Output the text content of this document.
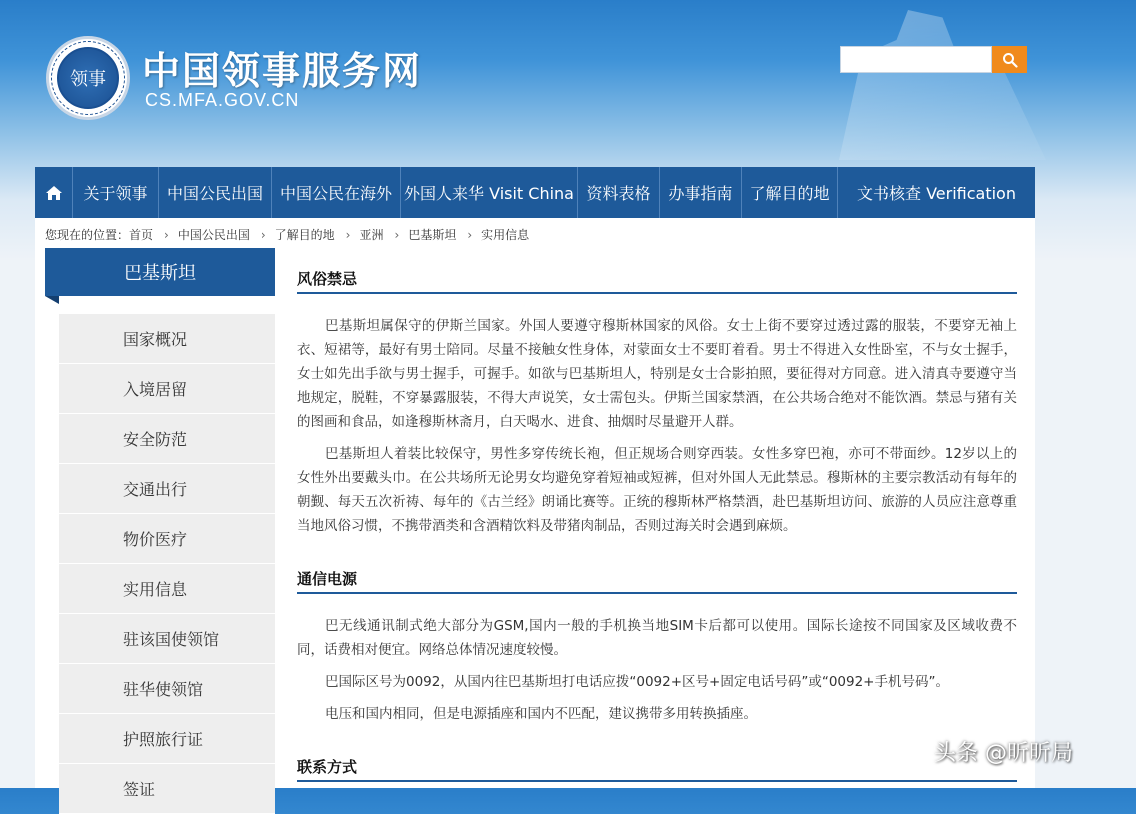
领事 中国领事服务网
CS.MFA.GOV.CN
关于领事	中国公民出国	中国公民在海外 外国人来华 Visit China 资料表格	办事指南	了解目的地	文书核查 Verification
您现在的位置：首页 › 中国公民出国 › 了解目的地 › 亚洲 › 巴基斯坦 › 实用信息
巴基斯坦
国家概况
入境居留
安全防范
交通出行
物价医疗
实用信息
驻该国使领馆
驻华使领馆
护照旅行证
签证
风俗禁忌

巴基斯坦属保守的伊斯兰国家。外国人要遵守穆斯林国家的风俗。女士上街不要穿过透过露的服装，不要穿无袖上衣、短裙等，最好有男士陪同。尽量不接触女性身体，对蒙面女士不要盯着看。男士不得进入女性卧室，不与女士握手，女士如先出手欲与男士握手，可握手。如欲与巴基斯坦人，特别是女士合影拍照，要征得对方同意。进入清真寺要遵守当地规定，脱鞋，不穿暴露服装，不得大声说笑，女士需包头。伊斯兰国家禁酒，在公共场合绝对不能饮酒。禁忌与猪有关的图画和食品，如逢穆斯林斋月，白天喝水、进食、抽烟时尽量避开人群。

巴基斯坦人着装比较保守，男性多穿传统长袍，但正规场合则穿西装。女性多穿巴袍，亦可不带面纱。12岁以上的女性外出要戴头巾。在公共场所无论男女均避免穿着短袖或短裤，但对外国人无此禁忌。穆斯林的主要宗教活动有每年的朝觐、每天五次祈祷、每年的《古兰经》朗诵比赛等。正统的穆斯林严格禁酒，赴巴基斯坦访问、旅游的人员应注意尊重当地风俗习惯，不携带酒类和含酒精饮料及带猪肉制品，否则过海关时会遇到麻烦。

通信电源

巴无线通讯制式绝大部分为GSM,国内一般的手机换当地SIM卡后都可以使用。国际长途按不同国家及区域收费不同，话费相对便宜。网络总体情况速度较慢。

巴国际区号为0092，从国内往巴基斯坦打电话应拨“0092+区号+固定电话号码”或“0092+手机号码”。

电压和国内相同，但是电源插座和国内不匹配，建议携带多用转换插座。

联系方式
头条 @昕昕局
